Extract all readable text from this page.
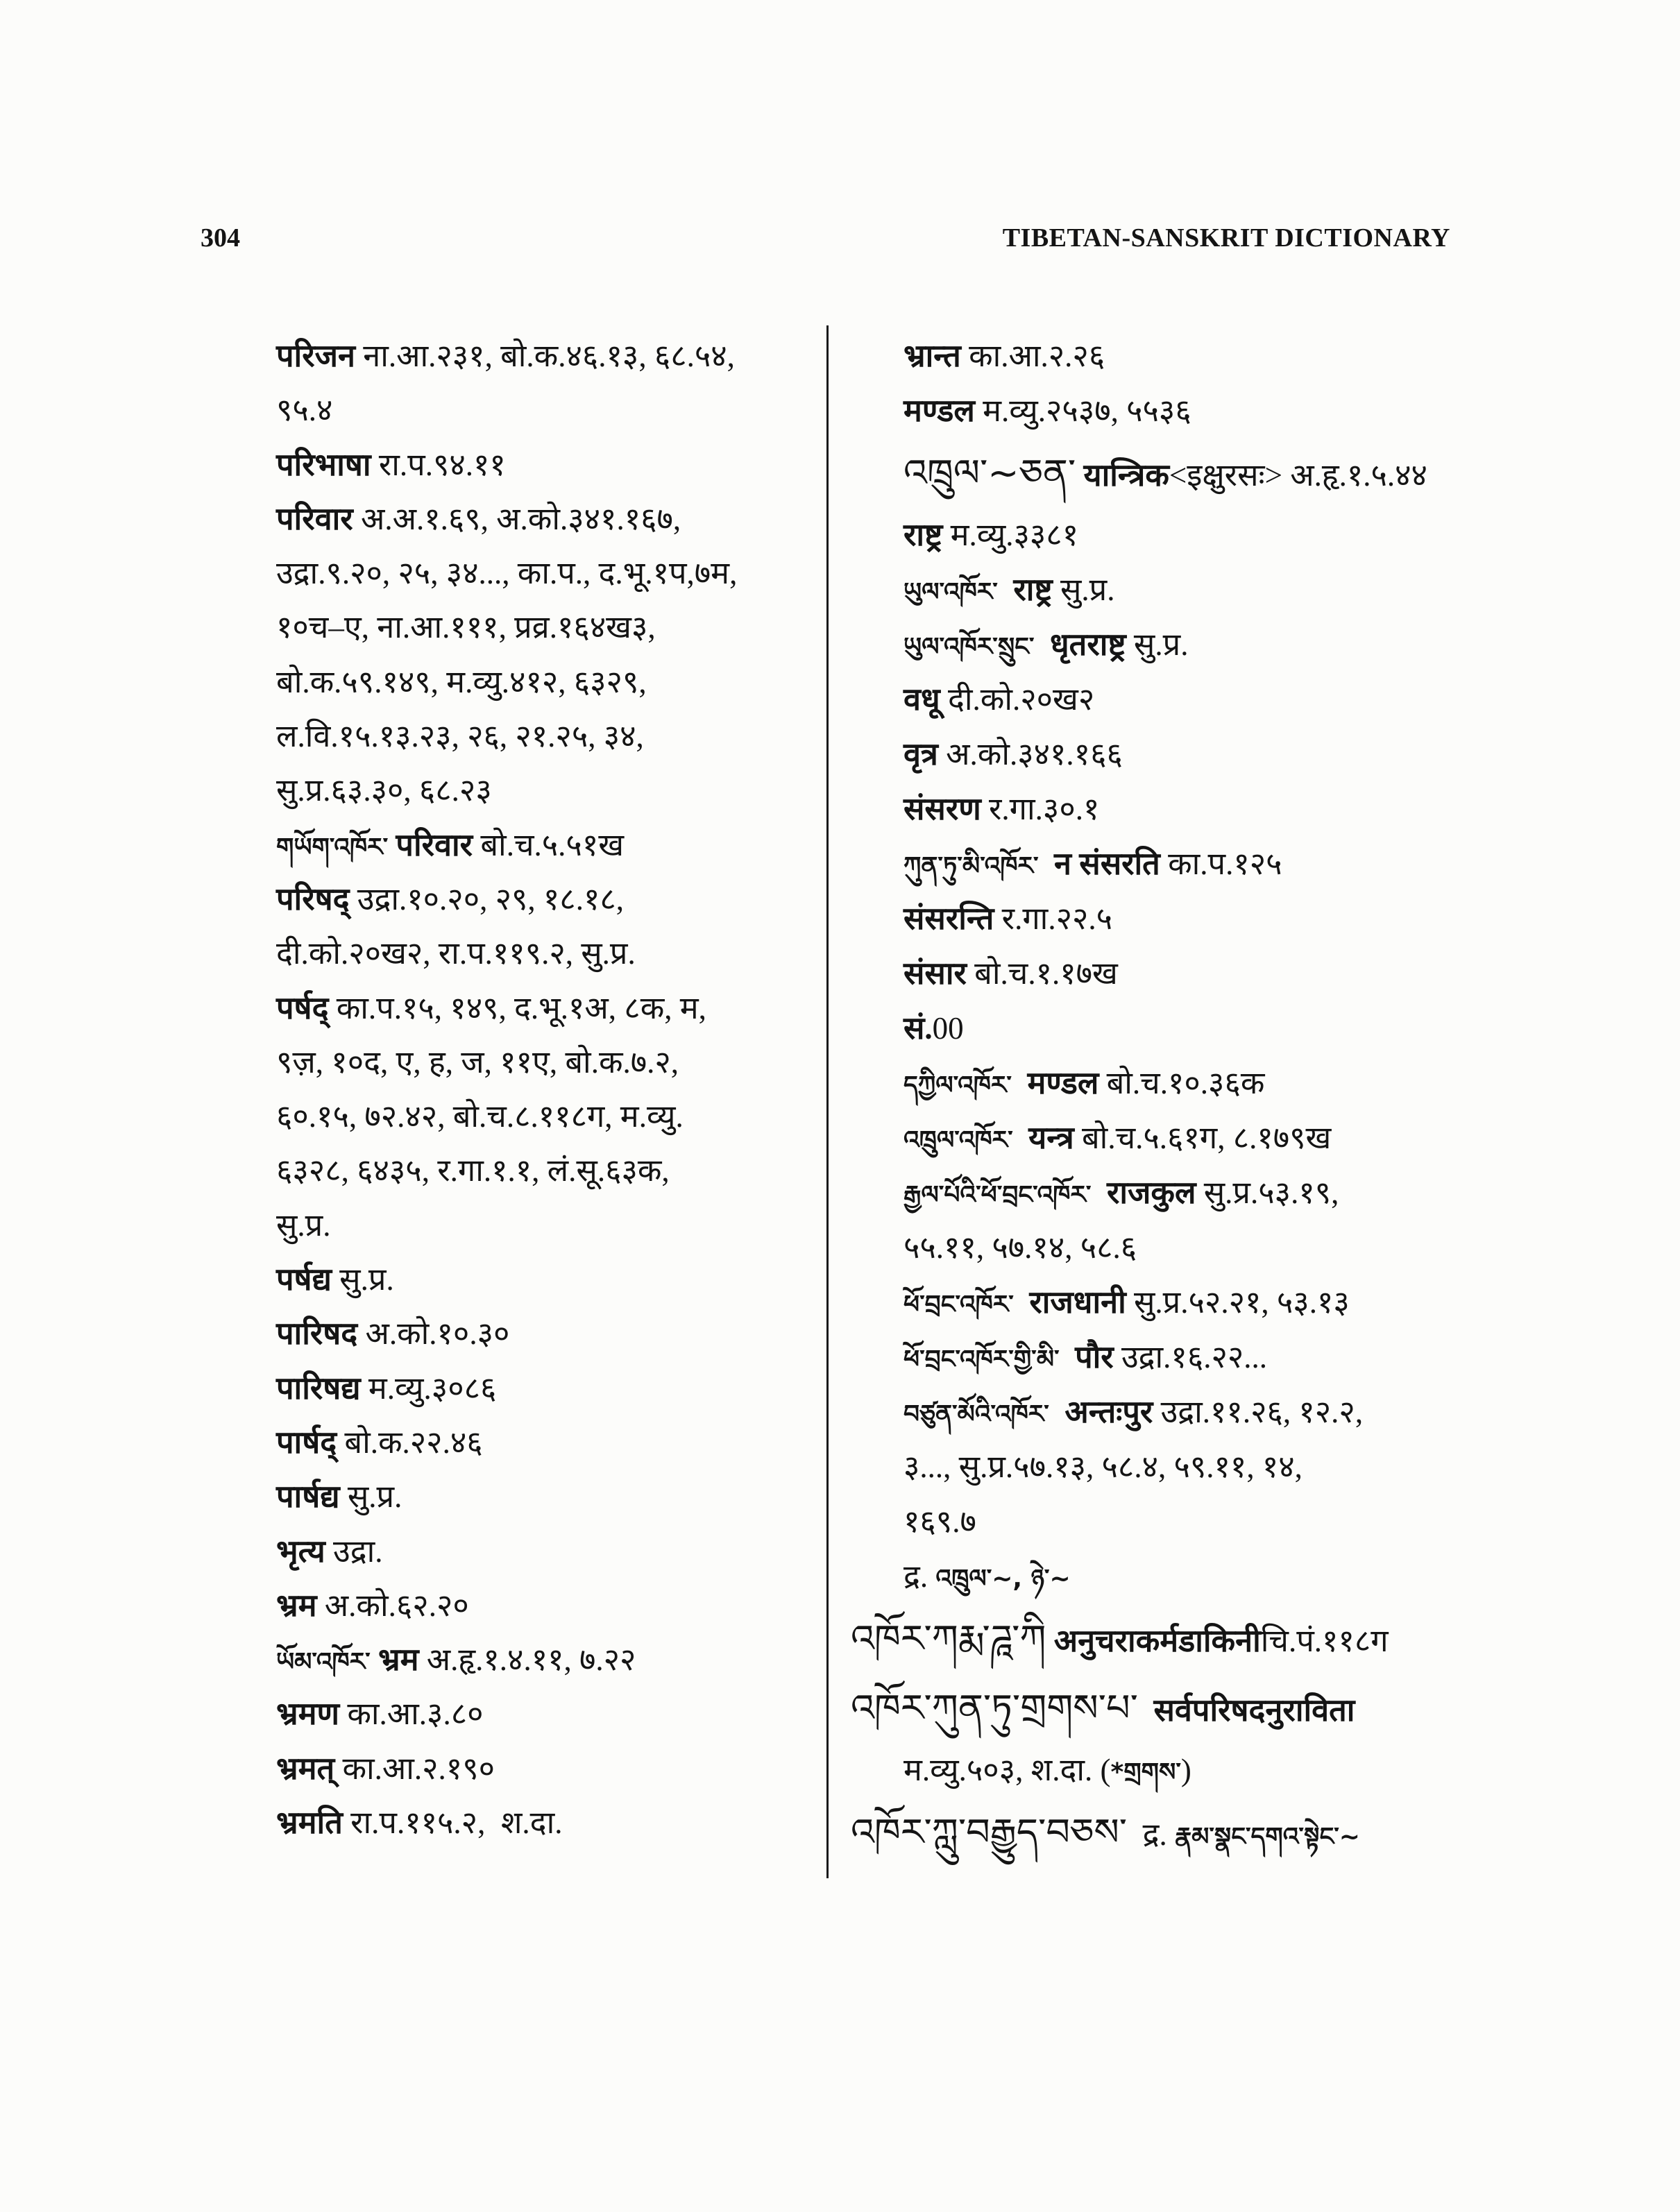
304	TIBETAN-SANSKRIT DICTIONARY
परिजन ना.आ.२३१, बो.क.४६.१३, ६८.५४,
९५.४
परिभाषा रा.प.९४.११
परिवार अ.अ.१.६९, अ.को.३४१.१६७,
उद्रा.९.२०, २५, ३४..., का.प., द.भू.१प,७म,
१०च–ए, ना.आ.१११, प्रव्र.१६४ख३,
बो.क.५९.१४९, म.व्यु.४१२, ६३२९,
ल.वि.१५.१३.२३, २६, २१.२५, ३४,
सु.प्र.६३.३०, ६८.२३
གཡོག་འཁོར་ परिवार बो.च.५.५१ख
परिषद् उद्रा.१०.२०, २९, १८.१८,
दी.को.२०ख२, रा.प.११९.२, सु.प्र.
पर्षद् का.प.१५, १४९, द.भू.१अ, ८क, म,
९ज़, १०द, ए, ह, ज, ११ए, बो.क.७.२,
६०.१५, ७२.४२, बो.च.८.११८ग, म.व्यु.
६३२८, ६४३५, र.गा.१.१, लं.सू.६३क,
सु.प्र.
पर्षद्य सु.प्र.
पारिषद अ.को.१०.३०
पारिषद्य म.व्यु.३०८६
पार्षद् बो.क.२२.४६
पार्षद्य सु.प्र.
भृत्य उद्रा.
भ्रम अ.को.६२.२०
ཡོམ་འཁོར་ भ्रम अ.हृ.१.४.११, ७.२२
भ्रमण का.आ.३.८०
भ्रमत् का.आ.२.१९०
भ्रमति रा.प.११५.२,  श.दा.
भ्रान्त का.आ.२.२६
मण्डल म.व्यु.२५३७, ५५३६
འཁྲུལ་~ཅན་ यान्त्रिक<इक्षुरसः> अ.हृ.१.५.४४
राष्ट्र म.व्यु.३३८१
ཡུལ་འཁོར་  राष्ट्र सु.प्र.
ཡུལ་འཁོར་སྲུང་  धृतराष्ट्र सु.प्र.
वधू दी.को.२०ख२
वृत्र अ.को.३४१.१६६
संसरण र.गा.३०.१
ཀུན་ཏུ་མི་འཁོར་  न संसरति का.प.१२५
संसरन्ति र.गा.२२.५
संसार बो.च.१.१७ख
सं.00
དཀྱིལ་འཁོར་  मण्डल बो.च.१०.३६क
འཁྲུལ་འཁོར་  यन्त्र बो.च.५.६१ग, ८.१७९ख
རྒྱལ་པོའི་ཕོ་བྲང་འཁོར་  राजकुल सु.प्र.५३.१९,
५५.११, ५७.१४, ५८.६
ཕོ་བྲང་འཁོར་  राजधानी सु.प्र.५२.२१, ५३.१३
ཕོ་བྲང་འཁོར་གྱི་མི་  पौर उद्रा.१६.२२...
བཙུན་མོའི་འཁོར་  अन्तःपुर उद्रा.११.२६, १२.२,
३..., सु.प्र.५७.१३, ५८.४, ५९.११, १४,
१६९.७
द्र. འཁྲུལ་~, ཉེ་~
འཁོར་ཀརྨ་ཌཱ་ཀི अनुचराकर्मडाकिनीचि.पं.११८ग
འཁོར་ཀུན་ཏུ་གྲགས་པ་  सर्वपरिषदनुराविता
म.व्यु.५०३, श.दा. (*གྲགས་)
འཁོར་ཀླུ་བརྒྱུད་བཅས་  द्र. རྣམ་སྣང་དགའ་སྟེང་~
